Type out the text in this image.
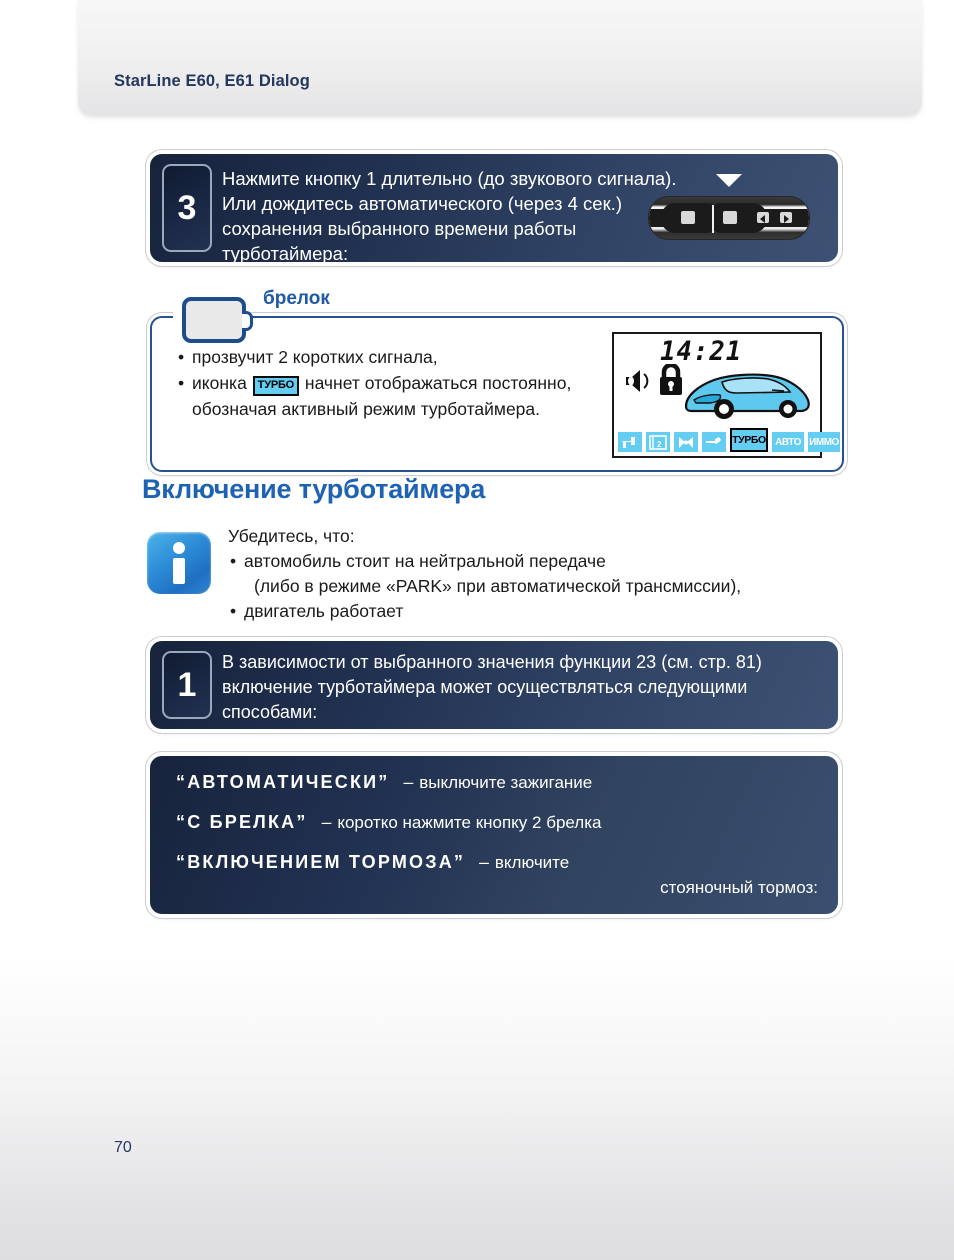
StarLine E60, E61 Dialog
3
Нажмите кнопку 1 длительно (до звукового сигнала). Или дождитесь автоматического (через 4 сек.) сохранения выбранного времени работы турботаймера:
• прозвучит 2 коротких сигнала,
• иконка ТУРБО начнет отображаться постоянно, обозначая активный режим турботаймера.
14:21
2	ТУРБО АВТО ИММО
брелок
Включение турботаймера
Убедитесь, что:
• автомобиль стоит на нейтральной передаче
(либо в режиме «PARK» при автоматической трансмиссии),
• двигатель работает
1
В зависимости от выбранного значения функции 23 (см. стр. 81) включение турботаймера может осуществляться следующими способами:
“АВТОМАТИЧЕСКИ” – выключите зажигание
“С БРЕЛКА” – коротко нажмите кнопку 2 брелка
“ВКЛЮЧЕНИЕМ ТОРМОЗА” – включите
стояночный тормоз:
70
